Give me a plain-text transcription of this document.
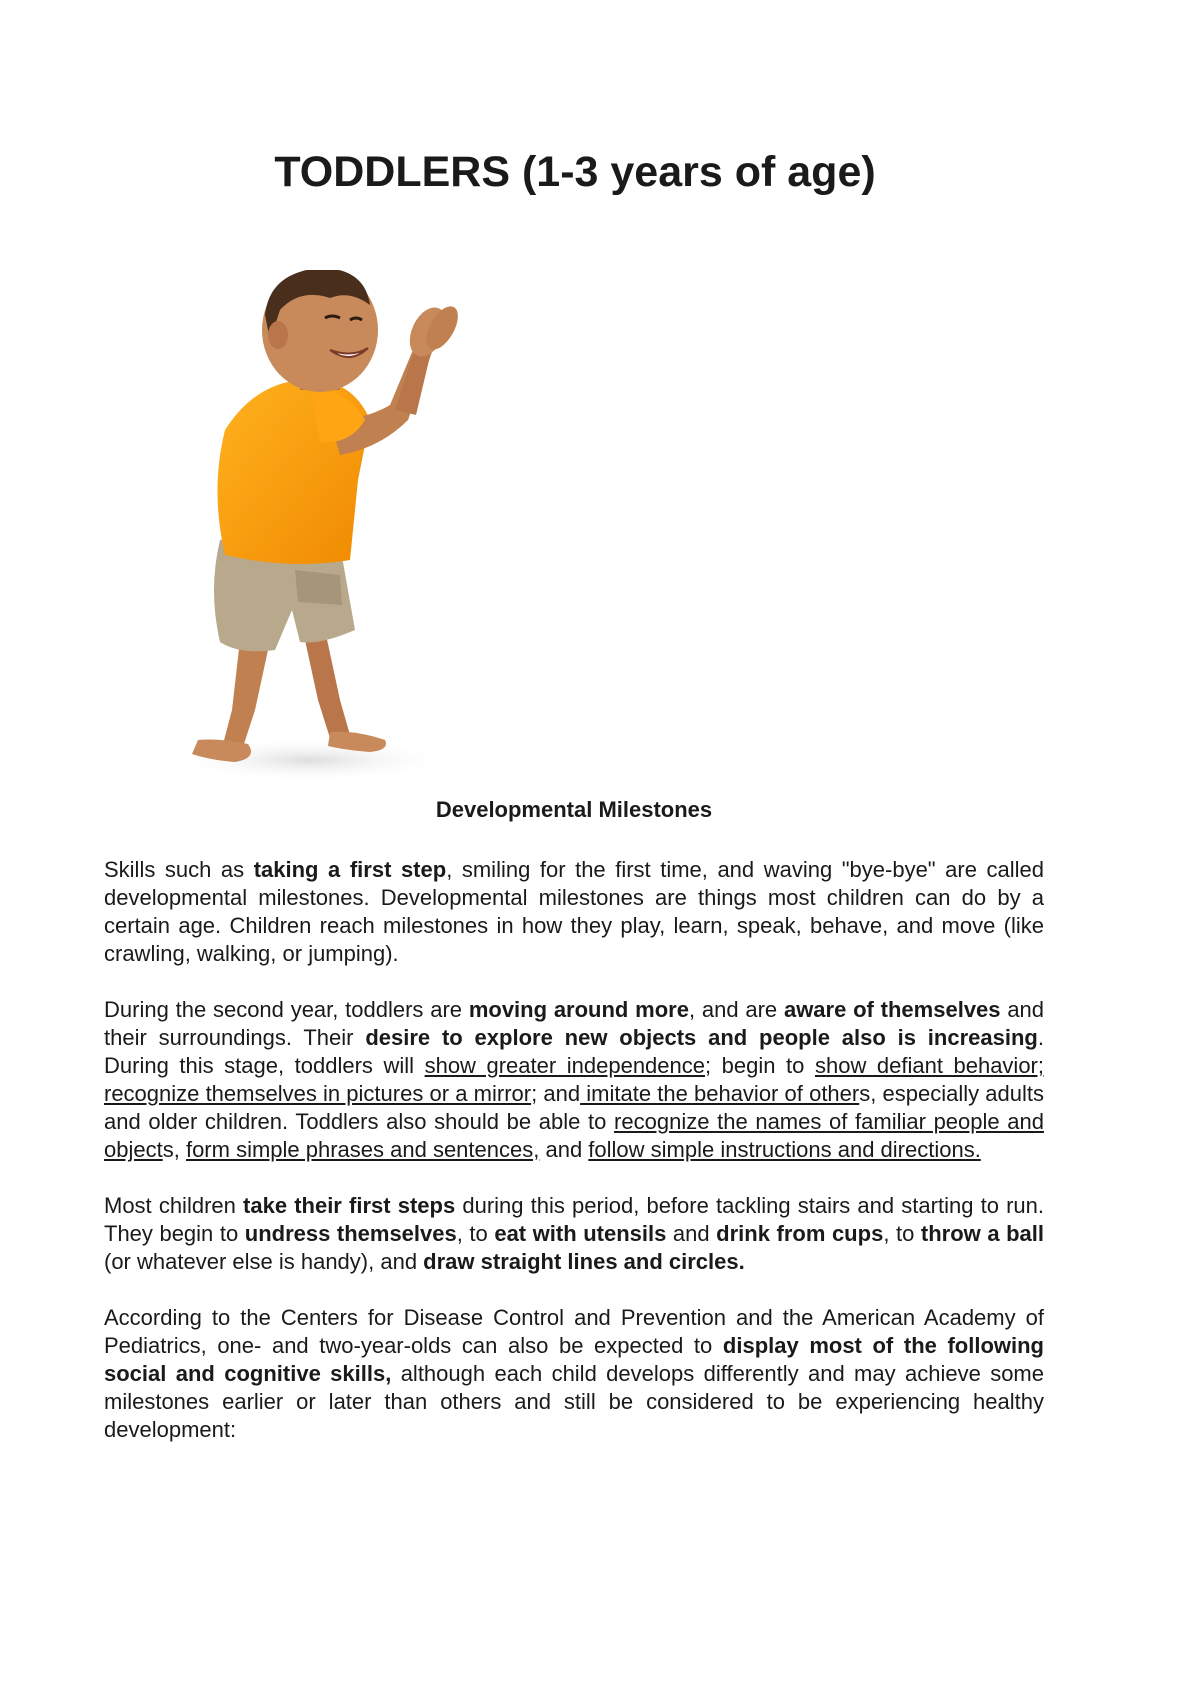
TODDLERS (1-3 years of age)
Developmental Milestones

Skills such as taking a first step, smiling for the first time, and waving "bye-bye" are called developmental milestones. Developmental milestones are things most children can do by a certain age. Children reach milestones in how they play, learn, speak, behave, and move (like crawling, walking, or jumping).

During the second year, toddlers are moving around more, and are aware of themselves and their surroundings. Their desire to explore new objects and people also is increasing. During this stage, toddlers will show greater independence; begin to show defiant behavior; recognize themselves in pictures or a mirror; and imitate the behavior of others, especially adults and older children. Toddlers also should be able to recognize the names of familiar people and objects, form simple phrases and sentences, and follow simple instructions and directions.

Most children take their first steps during this period, before tackling stairs and starting to run. They begin to undress themselves, to eat with utensils and drink from cups, to throw a ball (or whatever else is handy), and draw straight lines and circles.

According to the Centers for Disease Control and Prevention and the American Academy of Pediatrics, one- and two-year-olds can also be expected to display most of the following social and cognitive skills, although each child develops differently and may achieve some milestones earlier or later than others and still be considered to be experiencing healthy development:
